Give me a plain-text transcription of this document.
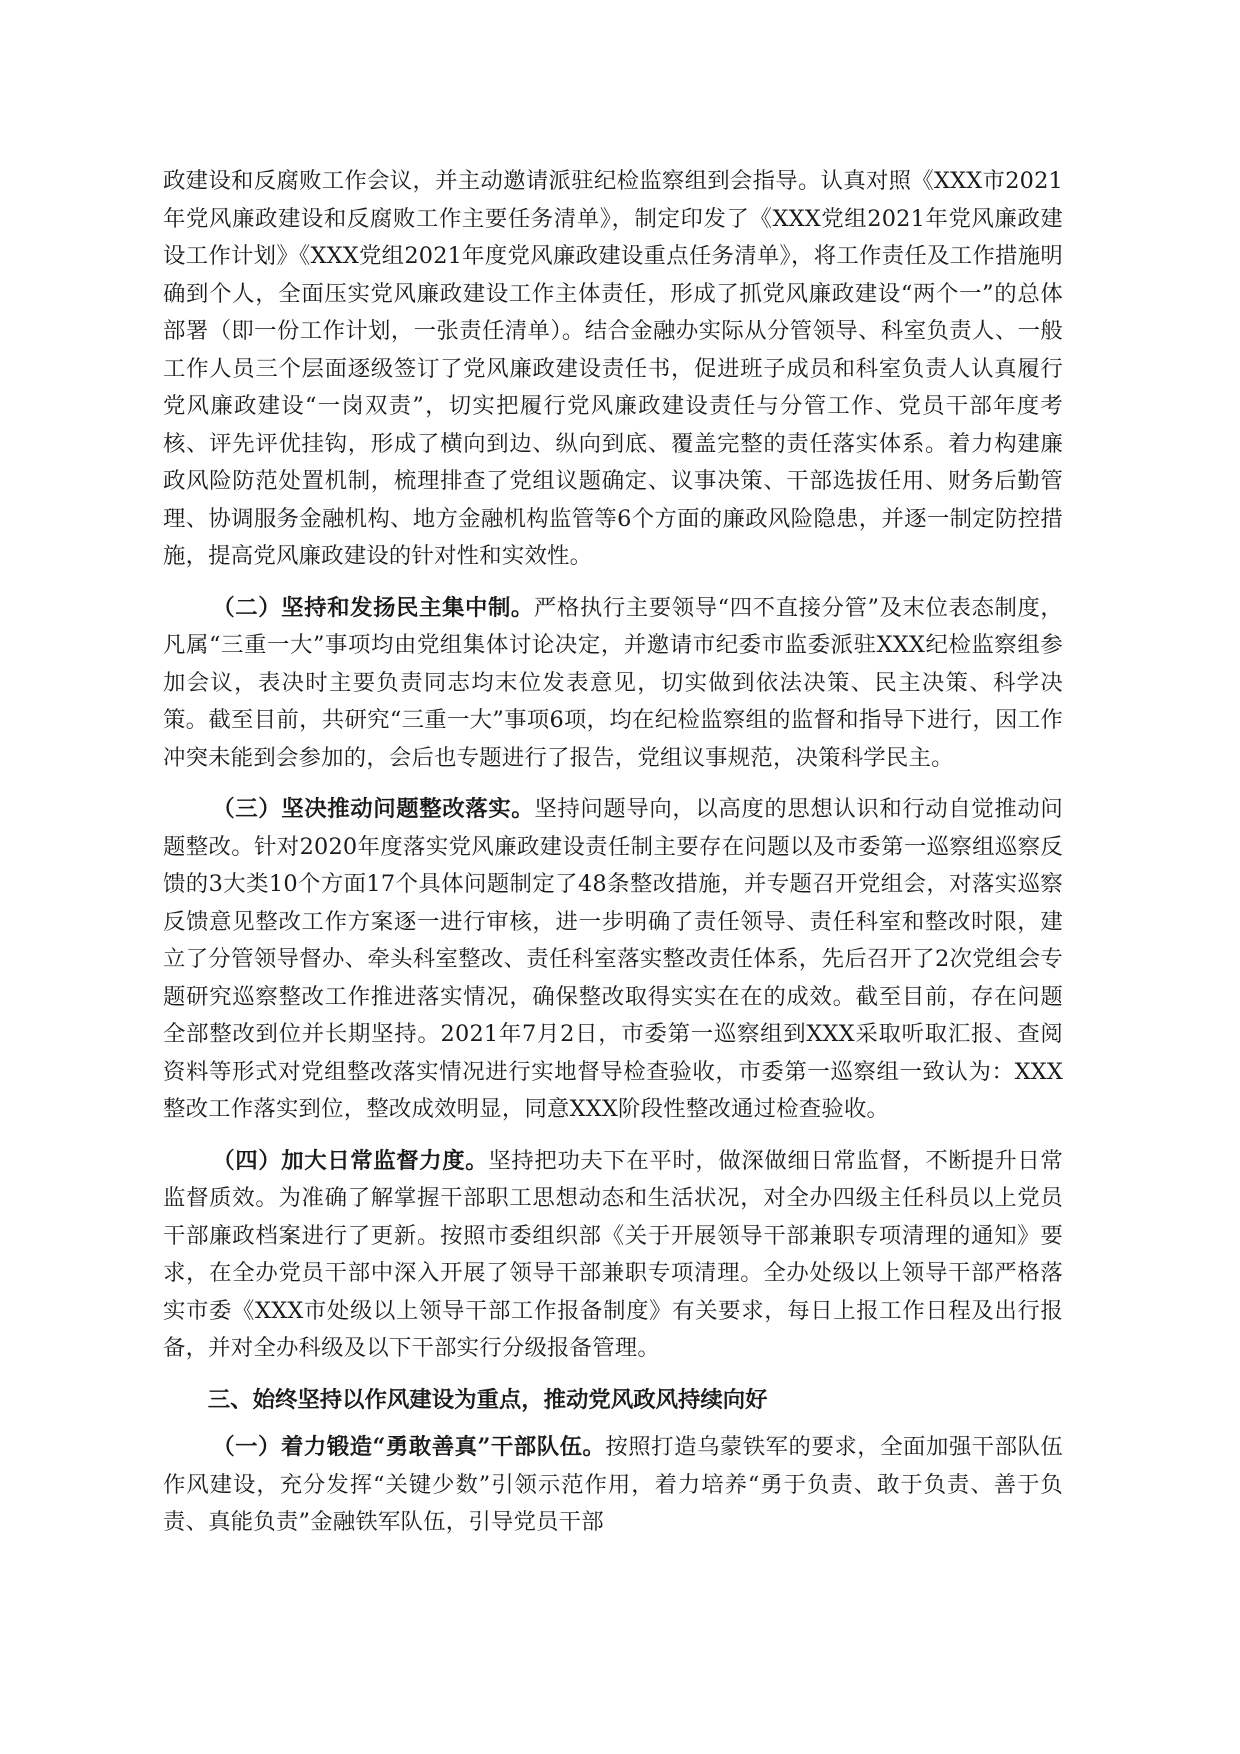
政建设和反腐败工作会议，并主动邀请派驻纪检监察组到会指导。认真对照《XXX市2021年党风廉政建设和反腐败工作主要任务清单》，制定印发了《XXX党组2021年党风廉政建设工作计划》《XXX党组2021年度党风廉政建设重点任务清单》，将工作责任及工作措施明确到个人，全面压实党风廉政建设工作主体责任，形成了抓党风廉政建设“两个一”的总体部署（即一份工作计划，一张责任清单）。结合金融办实际从分管领导、科室负责人、一般工作人员三个层面逐级签订了党风廉政建设责任书，促进班子成员和科室负责人认真履行党风廉政建设“一岗双责”，切实把履行党风廉政建设责任与分管工作、党员干部年度考核、评先评优挂钩，形成了横向到边、纵向到底、覆盖完整的责任落实体系。着力构建廉政风险防范处置机制，梳理排查了党组议题确定、议事决策、干部选拔任用、财务后勤管理、协调服务金融机构、地方金融机构监管等6个方面的廉政风险隐患，并逐一制定防控措施，提高党风廉政建设的针对性和实效性。

（二）坚持和发扬民主集中制。严格执行主要领导“四不直接分管”及末位表态制度，凡属“三重一大”事项均由党组集体讨论决定，并邀请市纪委市监委派驻XXX纪检监察组参加会议，表决时主要负责同志均末位发表意见，切实做到依法决策、民主决策、科学决策。截至目前，共研究“三重一大”事项6项，均在纪检监察组的监督和指导下进行，因工作冲突未能到会参加的，会后也专题进行了报告，党组议事规范，决策科学民主。

（三）坚决推动问题整改落实。坚持问题导向，以高度的思想认识和行动自觉推动问题整改。针对2020年度落实党风廉政建设责任制主要存在问题以及市委第一巡察组巡察反馈的3大类10个方面17个具体问题制定了48条整改措施，并专题召开党组会，对落实巡察反馈意见整改工作方案逐一进行审核，进一步明确了责任领导、责任科室和整改时限，建立了分管领导督办、牵头科室整改、责任科室落实整改责任体系，先后召开了2次党组会专题研究巡察整改工作推进落实情况，确保整改取得实实在在的成效。截至目前，存在问题全部整改到位并长期坚持。2021年7月2日，市委第一巡察组到XXX采取听取汇报、查阅资料等形式对党组整改落实情况进行实地督导检查验收，市委第一巡察组一致认为：XXX整改工作落实到位，整改成效明显，同意XXX阶段性整改通过检查验收。

（四）加大日常监督力度。坚持把功夫下在平时，做深做细日常监督，不断提升日常监督质效。为准确了解掌握干部职工思想动态和生活状况，对全办四级主任科员以上党员干部廉政档案进行了更新。按照市委组织部《关于开展领导干部兼职专项清理的通知》要求，在全办党员干部中深入开展了领导干部兼职专项清理。全办处级以上领导干部严格落实市委《XXX市处级以上领导干部工作报备制度》有关要求，每日上报工作日程及出行报备，并对全办科级及以下干部实行分级报备管理。

三、始终坚持以作风建设为重点，推动党风政风持续向好

（一）着力锻造“勇敢善真”干部队伍。按照打造乌蒙铁军的要求，全面加强干部队伍作风建设，充分发挥“关键少数”引领示范作用，着力培养“勇于负责、敢于负责、善于负责、真能负责”金融铁军队伍，引导党员干部
